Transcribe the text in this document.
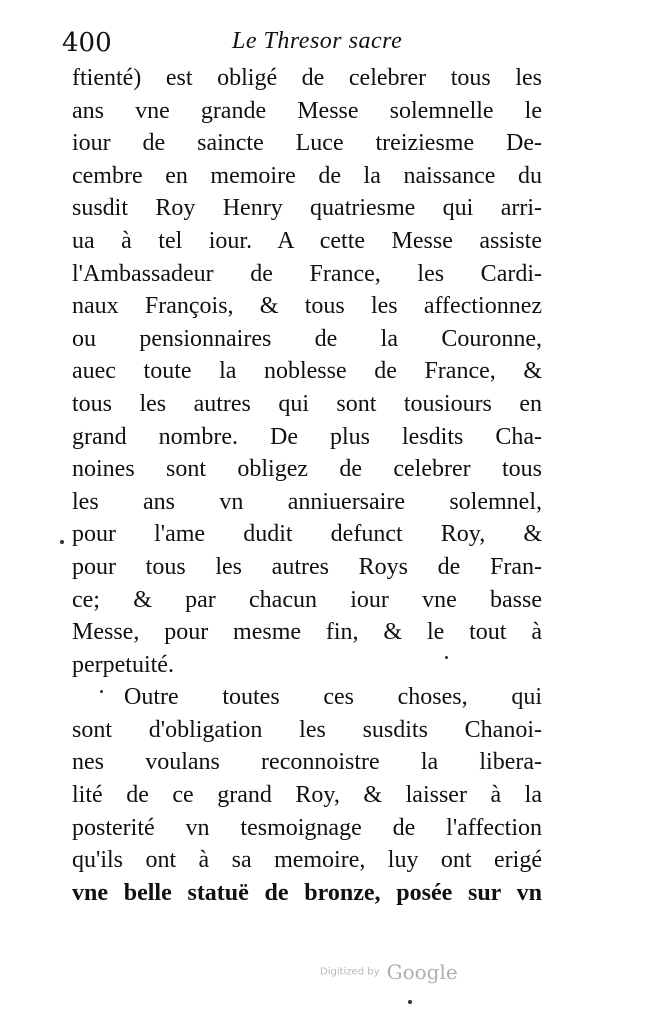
400	Le Thresor sacre
ftienté) est obligé de celebrer tous les
ans vne grande Messe solemnelle le
iour de saincte Luce treiziesme De-
cembre en memoire de la naissance du
susdit Roy Henry quatriesme qui arri-
ua à tel iour. A cette Messe assiste
l'Ambassadeur de France, les Cardi-
naux François, & tous les affectionnez
ou pensionnaires de la Couronne,
auec toute la noblesse de France, &
tous les autres qui sont tousiours en
grand nombre. De plus lesdits Cha-
noines sont obligez de celebrer tous
les ans vn anniuersaire solemnel,
pour l'ame dudit defunct Roy, &
pour tous les autres Roys de Fran-
ce; & par chacun iour vne basse
Messe, pour mesme fin, & le tout à
perpetuité.
Outre toutes ces choses, qui
sont d'obligation les susdits Chanoi-
nes voulans reconnoistre la libera-
lité de ce grand Roy, & laisser à la
posterité vn tesmoignage de l'affection
qu'ils ont à sa memoire, luy ont erigé
vne belle statuë de bronze, posée sur vn
Digitized by Google
